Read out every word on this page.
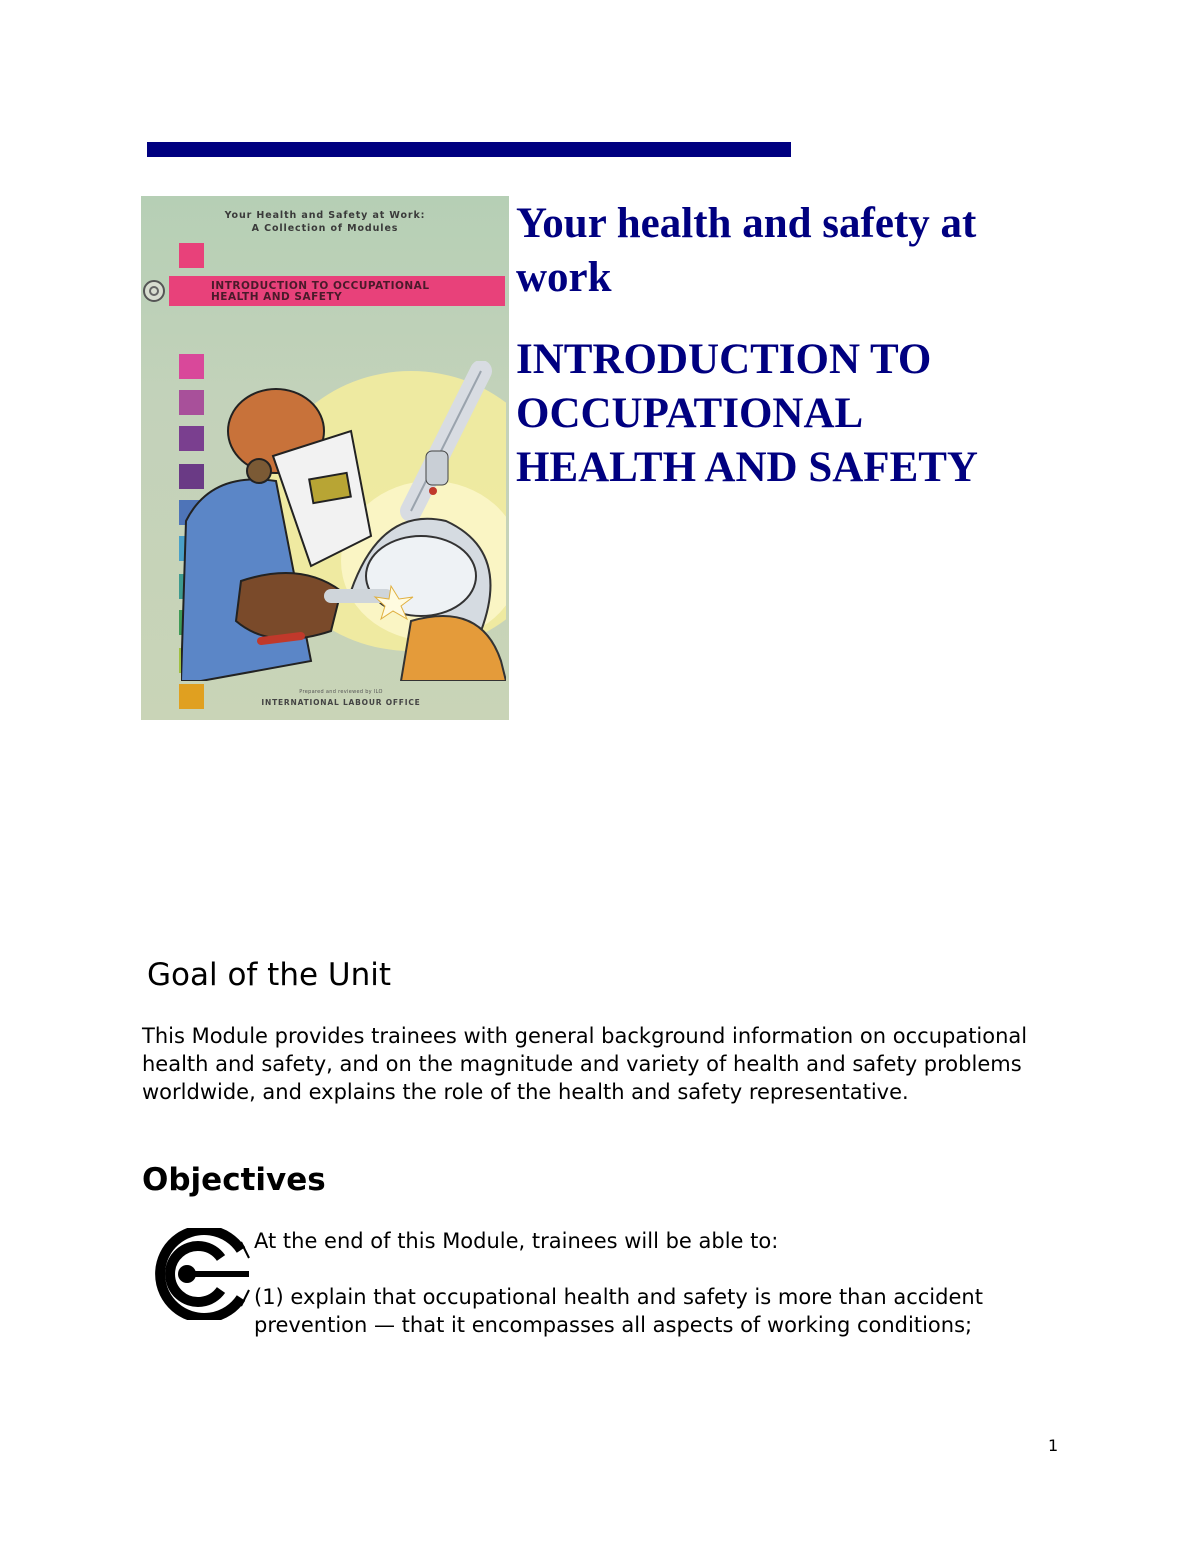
Your Health and Safety at Work:
A Collection of Modules
INTRODUCTION TO OCCUPATIONAL
HEALTH AND SAFETY
Prepared and reviewed by ILO
INTERNATIONAL LABOUR OFFICE
Your health and safety at
work
INTRODUCTION TO
OCCUPATIONAL
HEALTH AND SAFETY
Goal of the Unit
This Module provides trainees with general background information on occupational health and safety, and on the magnitude and variety of health and safety problems worldwide, and explains the role of the health and safety representative.
Objectives
At the end of this Module, trainees will be able to:
(1) explain that occupational health and safety is more than accident prevention — that it encompasses all aspects of working conditions;
1
